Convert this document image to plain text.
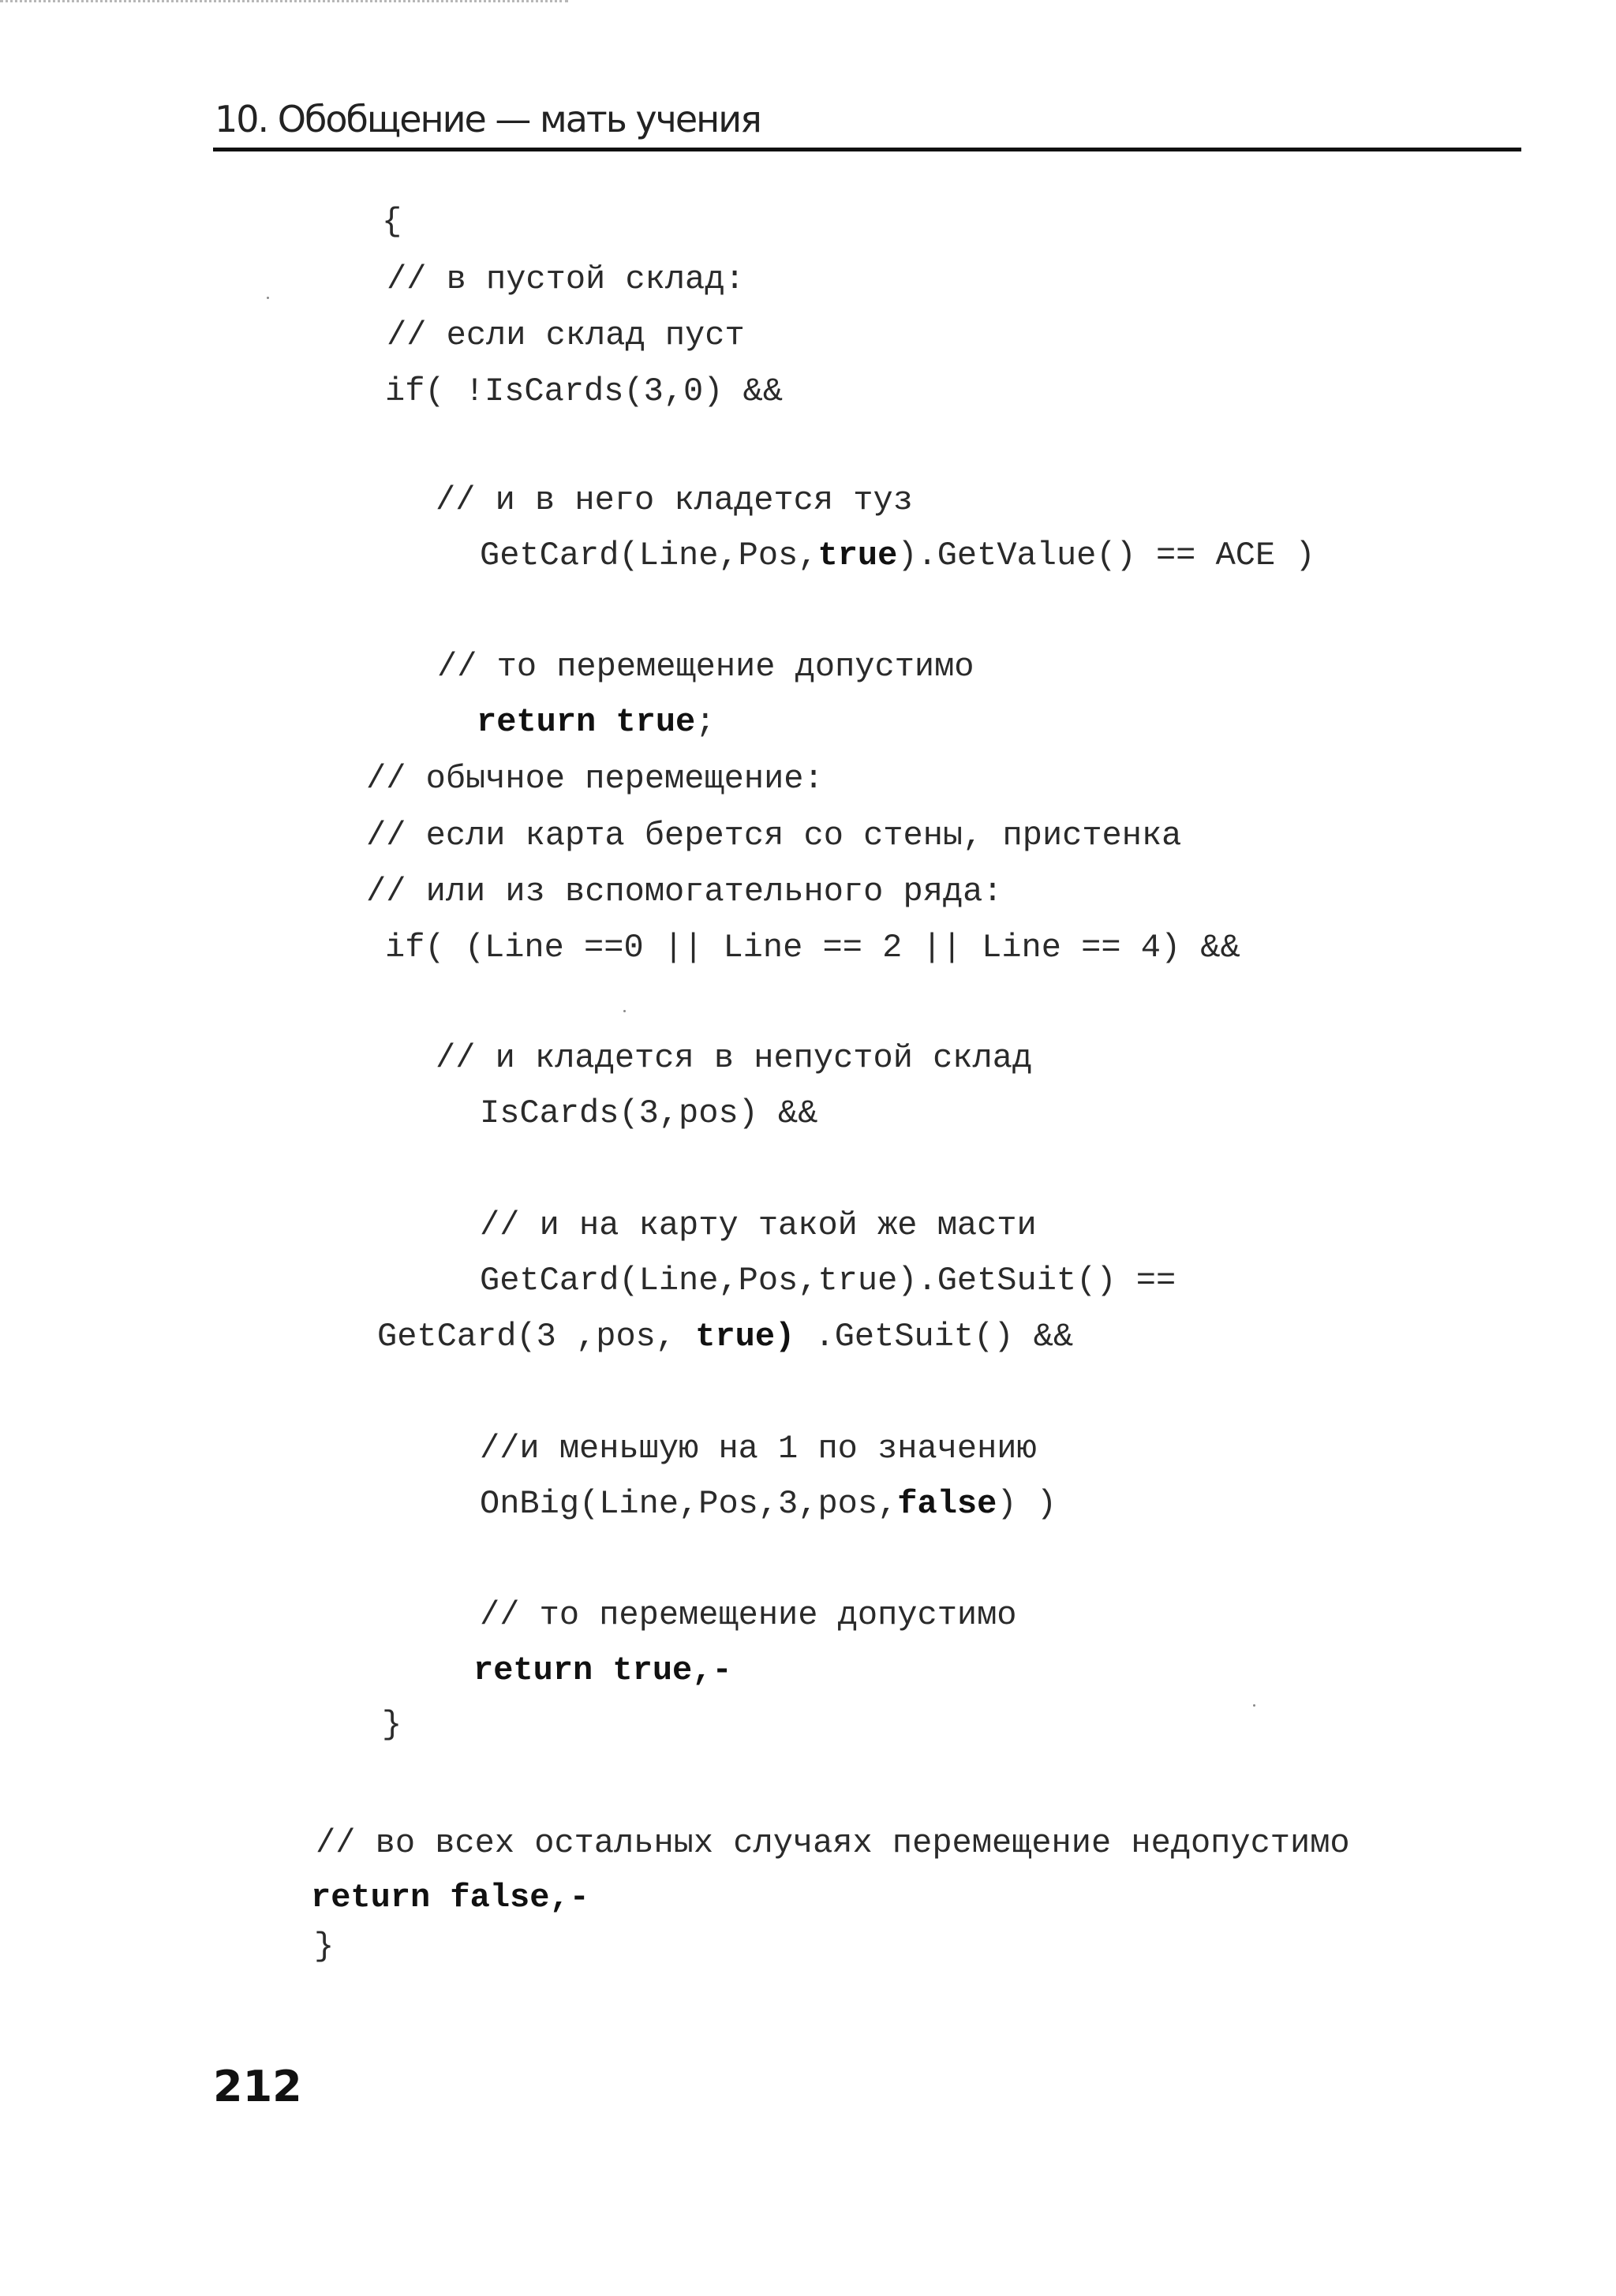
10. Обобщение — мать учения
{
// в пустой склад:
// если склад пуст
if( !IsCards(3,0) &&
// и в него кладется туз
GetCard(Line,Pos,true).GetValue() == ACE )
// то перемещение допустимо
return true;
// обычное перемещение:
// если карта берется со стены, пристенка
// или из вспомогательного ряда:
if( (Line ==0 || Line == 2 || Line == 4) &&
// и кладется в непустой склад
IsCards(3,pos) &&
// и на карту такой же масти
GetCard(Line,Pos,true).GetSuit() ==
GetCard(3 ,pos, true) .GetSuit() &&
//и меньшую на 1 по значению
OnBig(Line,Pos,3,pos,false) )
// то перемещение допустимо
return true,-
}
// во всех остальных случаях перемещение недопустимо
return false,-
}
212
